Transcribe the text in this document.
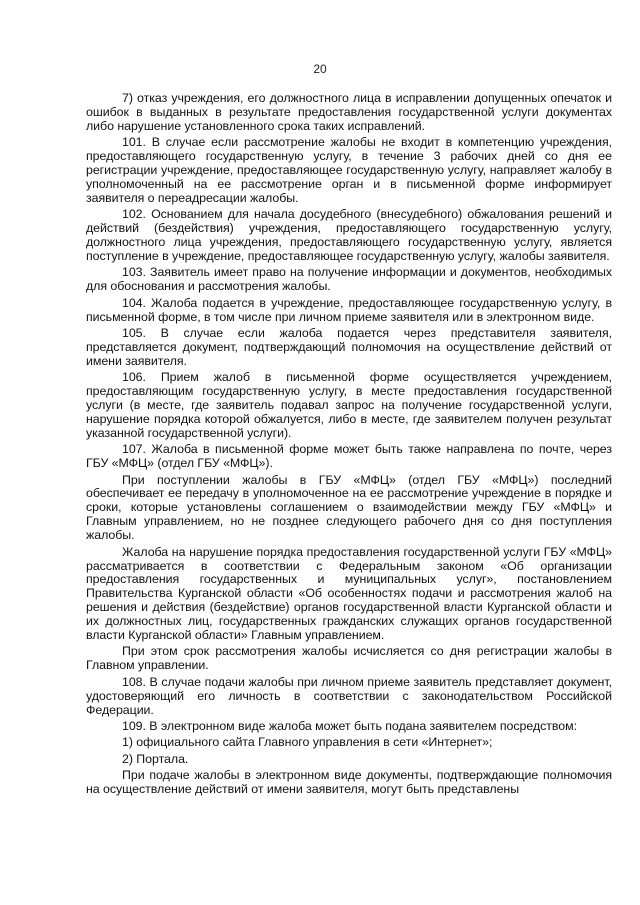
20

7) отказ учреждения, его должностного лица в исправлении допущенных опечаток и ошибок в выданных в результате предоставления государственной услуги документах либо нарушение установленного срока таких исправлений.

101. В случае если рассмотрение жалобы не входит в компетенцию учреждения, предоставляющего государственную услугу, в течение 3 рабочих дней со дня ее регистрации учреждение, предоставляющее государственную услугу, направляет жалобу в уполномоченный на ее рассмотрение орган и в письменной форме информирует заявителя о переадресации жалобы.

102. Основанием для начала досудебного (внесудебного) обжалования решений и действий (бездействия) учреждения, предоставляющего государственную услугу, должностного лица учреждения, предоставляющего государственную услугу, является поступление в учреждение, предоставляющее государственную услугу, жалобы заявителя.

103. Заявитель имеет право на получение информации и документов, необходимых для обоснования и рассмотрения жалобы.

104. Жалоба подается в учреждение, предоставляющее государственную услугу, в письменной форме, в том числе при личном приеме заявителя или в электронном виде.

105. В случае если жалоба подается через представителя заявителя, представляется документ, подтверждающий полномочия на осуществление действий от имени заявителя.

106. Прием жалоб в письменной форме осуществляется учреждением, предоставляющим государственную услугу, в месте предоставления государственной услуги (в месте, где заявитель подавал запрос на получение государственной услуги, нарушение порядка которой обжалуется, либо в месте, где заявителем получен результат указанной государственной услуги).

107. Жалоба в письменной форме может быть также направлена по почте, через ГБУ «МФЦ» (отдел ГБУ «МФЦ»).

При поступлении жалобы в ГБУ «МФЦ» (отдел ГБУ «МФЦ») последний обеспечивает ее передачу в уполномоченное на ее рассмотрение учреждение в порядке и сроки, которые установлены соглашением о взаимодействии между ГБУ «МФЦ» и Главным управлением, но не позднее следующего рабочего дня со дня поступления жалобы.

Жалоба на нарушение порядка предоставления государственной услуги ГБУ «МФЦ» рассматривается в соответствии с Федеральным законом «Об организации предоставления государственных и муниципальных услуг», постановлением Правительства Курганской области «Об особенностях подачи и рассмотрения жалоб на решения и действия (бездействие) органов государственной власти Курганской области и их должностных лиц, государственных гражданских служащих органов государственной власти Курганской области» Главным управлением.

При этом срок рассмотрения жалобы исчисляется со дня регистрации жалобы в Главном управлении.

108. В случае подачи жалобы при личном приеме заявитель представляет документ, удостоверяющий его личность в соответствии с законодательством Российской Федерации.

109. В электронном виде жалоба может быть подана заявителем посредством:

1) официального сайта Главного управления в сети «Интернет»;

2) Портала.

При подаче жалобы в электронном виде документы, подтверждающие полномочия на осуществление действий от имени заявителя, могут быть представлены
